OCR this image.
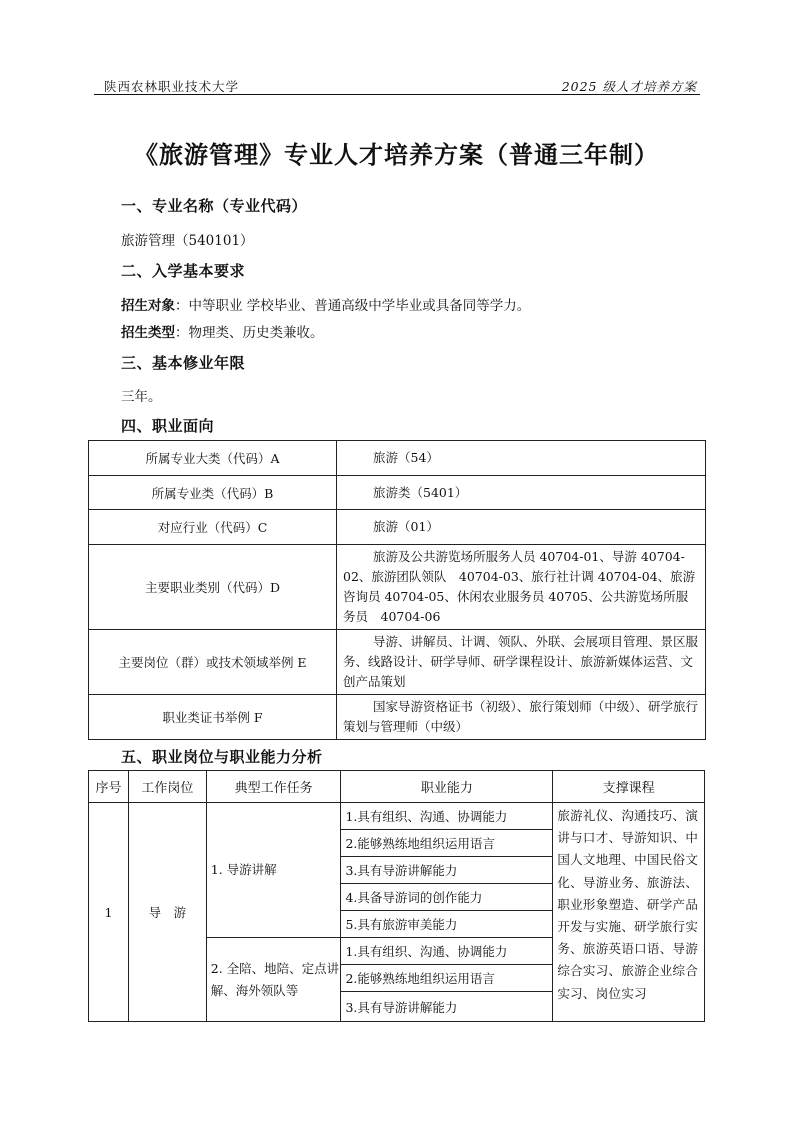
陕西农林职业技术大学	2025 级人才培养方案
《旅游管理》专业人才培养方案（普通三年制）
一、专业名称（专业代码）
旅游管理（540101）
二、入学基本要求
招生对象：中等职业 学校毕业、普通高级中学毕业或具备同等学力。
招生类型：物理类、历史类兼收。
三、基本修业年限
三年。
四、职业面向
所属专业大类（代码）A	旅游（54）
所属专业类（代码）B	旅游类（5401）
对应行业（代码）C	旅游（01）
主要职业类别（代码）D	旅游及公共游览场所服务人员 40704-01、导游 40704-02、旅游团队领队　40704-03、旅行社计调 40704-04、旅游咨询员 40704-05、休闲农业服务员 40705、公共游览场所服务员　40704-06
主要岗位（群）或技术领域举例 E	导游、讲解员、计调、领队、外联、会展项目管理、景区服务、线路设计、研学导师、研学课程设计、旅游新媒体运营、文创产品策划
职业类证书举例 F	国家导游资格证书（初级）、旅行策划师（中级）、研学旅行策划与管理师（中级）
五、职业岗位与职业能力分析
序号	工作岗位	典型工作任务	职业能力	支撑课程
1	导　游	1. 导游讲解	1.具有组织、沟通、协调能力	旅游礼仪、沟通技巧、演讲与口才、导游知识、中国人文地理、中国民俗文化、导游业务、旅游法、职业形象塑造、研学产品开发与实施、研学旅行实务、旅游英语口语、导游综合实习、旅游企业综合实习、岗位实习
			2.能够熟练地组织运用语言	
			3.具有导游讲解能力	
			4.具备导游词的创作能力	
			5.具有旅游审美能力	
		2. 全陪、地陪、定点讲解、海外领队等	1.具有组织、沟通、协调能力	
			2.能够熟练地组织运用语言	
			3.具有导游讲解能力	
